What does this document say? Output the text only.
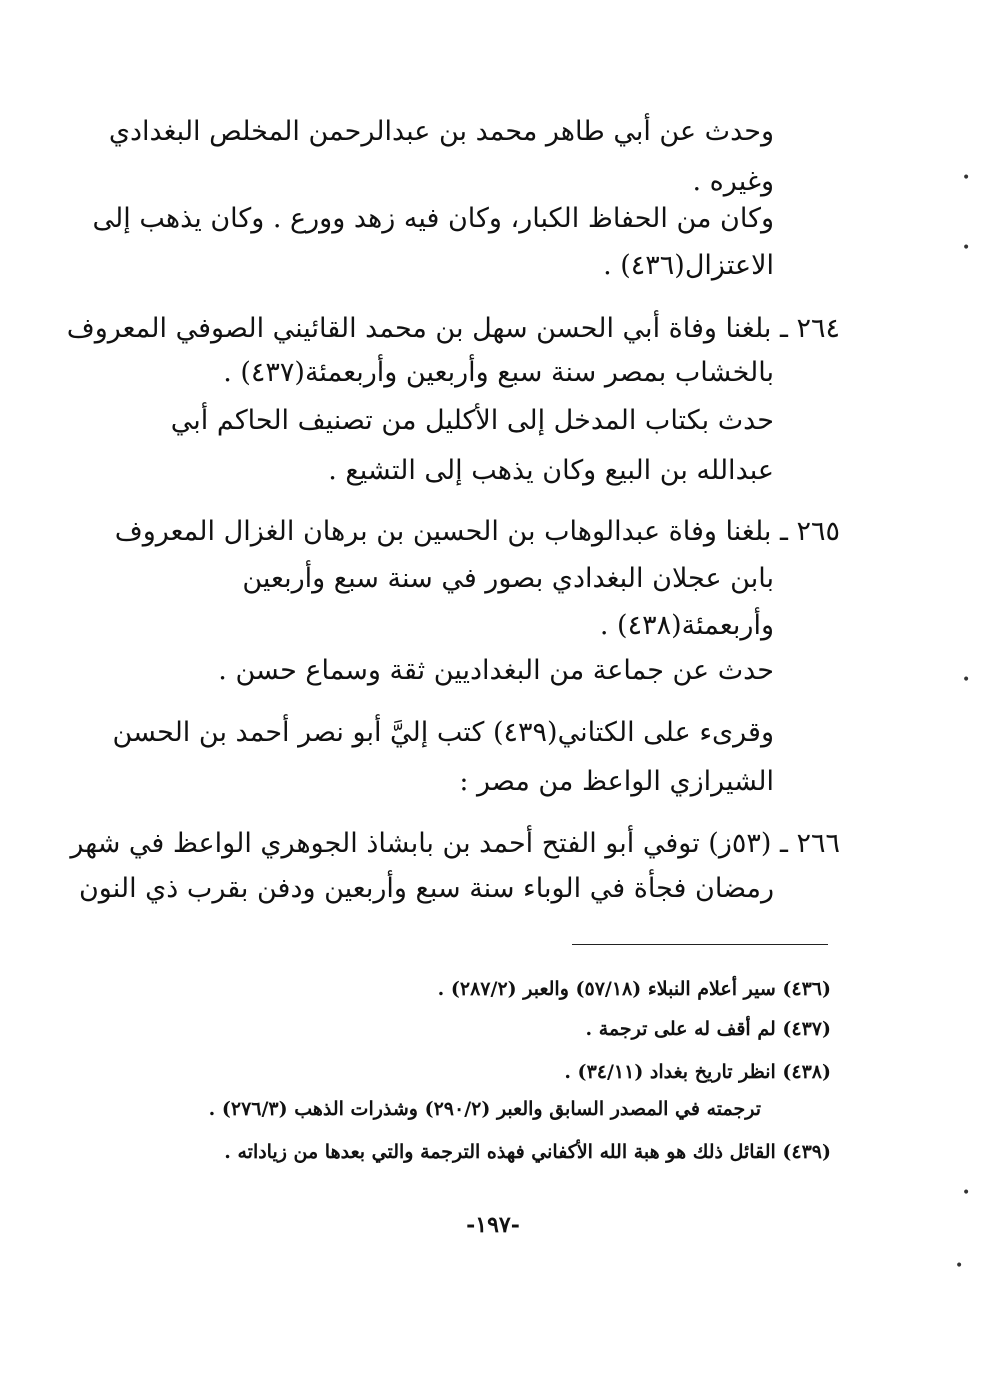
وحدث عن أبي طاهر محمد بن عبدالرحمن المخلص البغدادي
وغيره .
وكان من الحفاظ الكبار، وكان فيه زهد وورع . وكان يذهب إلى
الاعتزال(٤٣٦) .
٢٦٤ ـ بلغنا وفاة أبي الحسن سهل بن محمد القائيني الصوفي المعروف
بالخشاب بمصر سنة سبع وأربعين وأربعمئة(٤٣٧) .
حدث بكتاب المدخل إلى الأكليل من تصنيف الحاكم أبي
عبدالله بن البيع وكان يذهب إلى التشيع .
٢٦٥ ـ بلغنا وفاة عبدالوهاب بن الحسين بن برهان الغزال المعروف
بابن عجلان البغدادي بصور في سنة سبع وأربعين
وأربعمئة(٤٣٨) .
حدث عن جماعة من البغداديين ثقة وسماع حسن .
وقرىء على الكتاني(٤٣٩) كتب إليَّ أبو نصر أحمد بن الحسن
الشيرازي الواعظ من مصر :
٢٦٦ ـ (٥٣ز) توفي أبو الفتح أحمد بن بابشاذ الجوهري الواعظ في شهر
رمضان فجأة في الوباء سنة سبع وأربعين ودفن بقرب ذي النون
(٤٣٦) سير أعلام النبلاء (٥٧/١٨) والعبر (٢٨٧/٢) .
(٤٣٧) لم أقف له على ترجمة .
(٤٣٨) انظر تاريخ بغداد (٣٤/١١) .
ترجمته في المصدر السابق والعبر (٢٩٠/٢) وشذرات الذهب (٢٧٦/٣) .
(٤٣٩) القائل ذلك هو هبة الله الأكفاني فهذه الترجمة والتي بعدها من زياداته .
-١٩٧-
•
•
•
•
•
